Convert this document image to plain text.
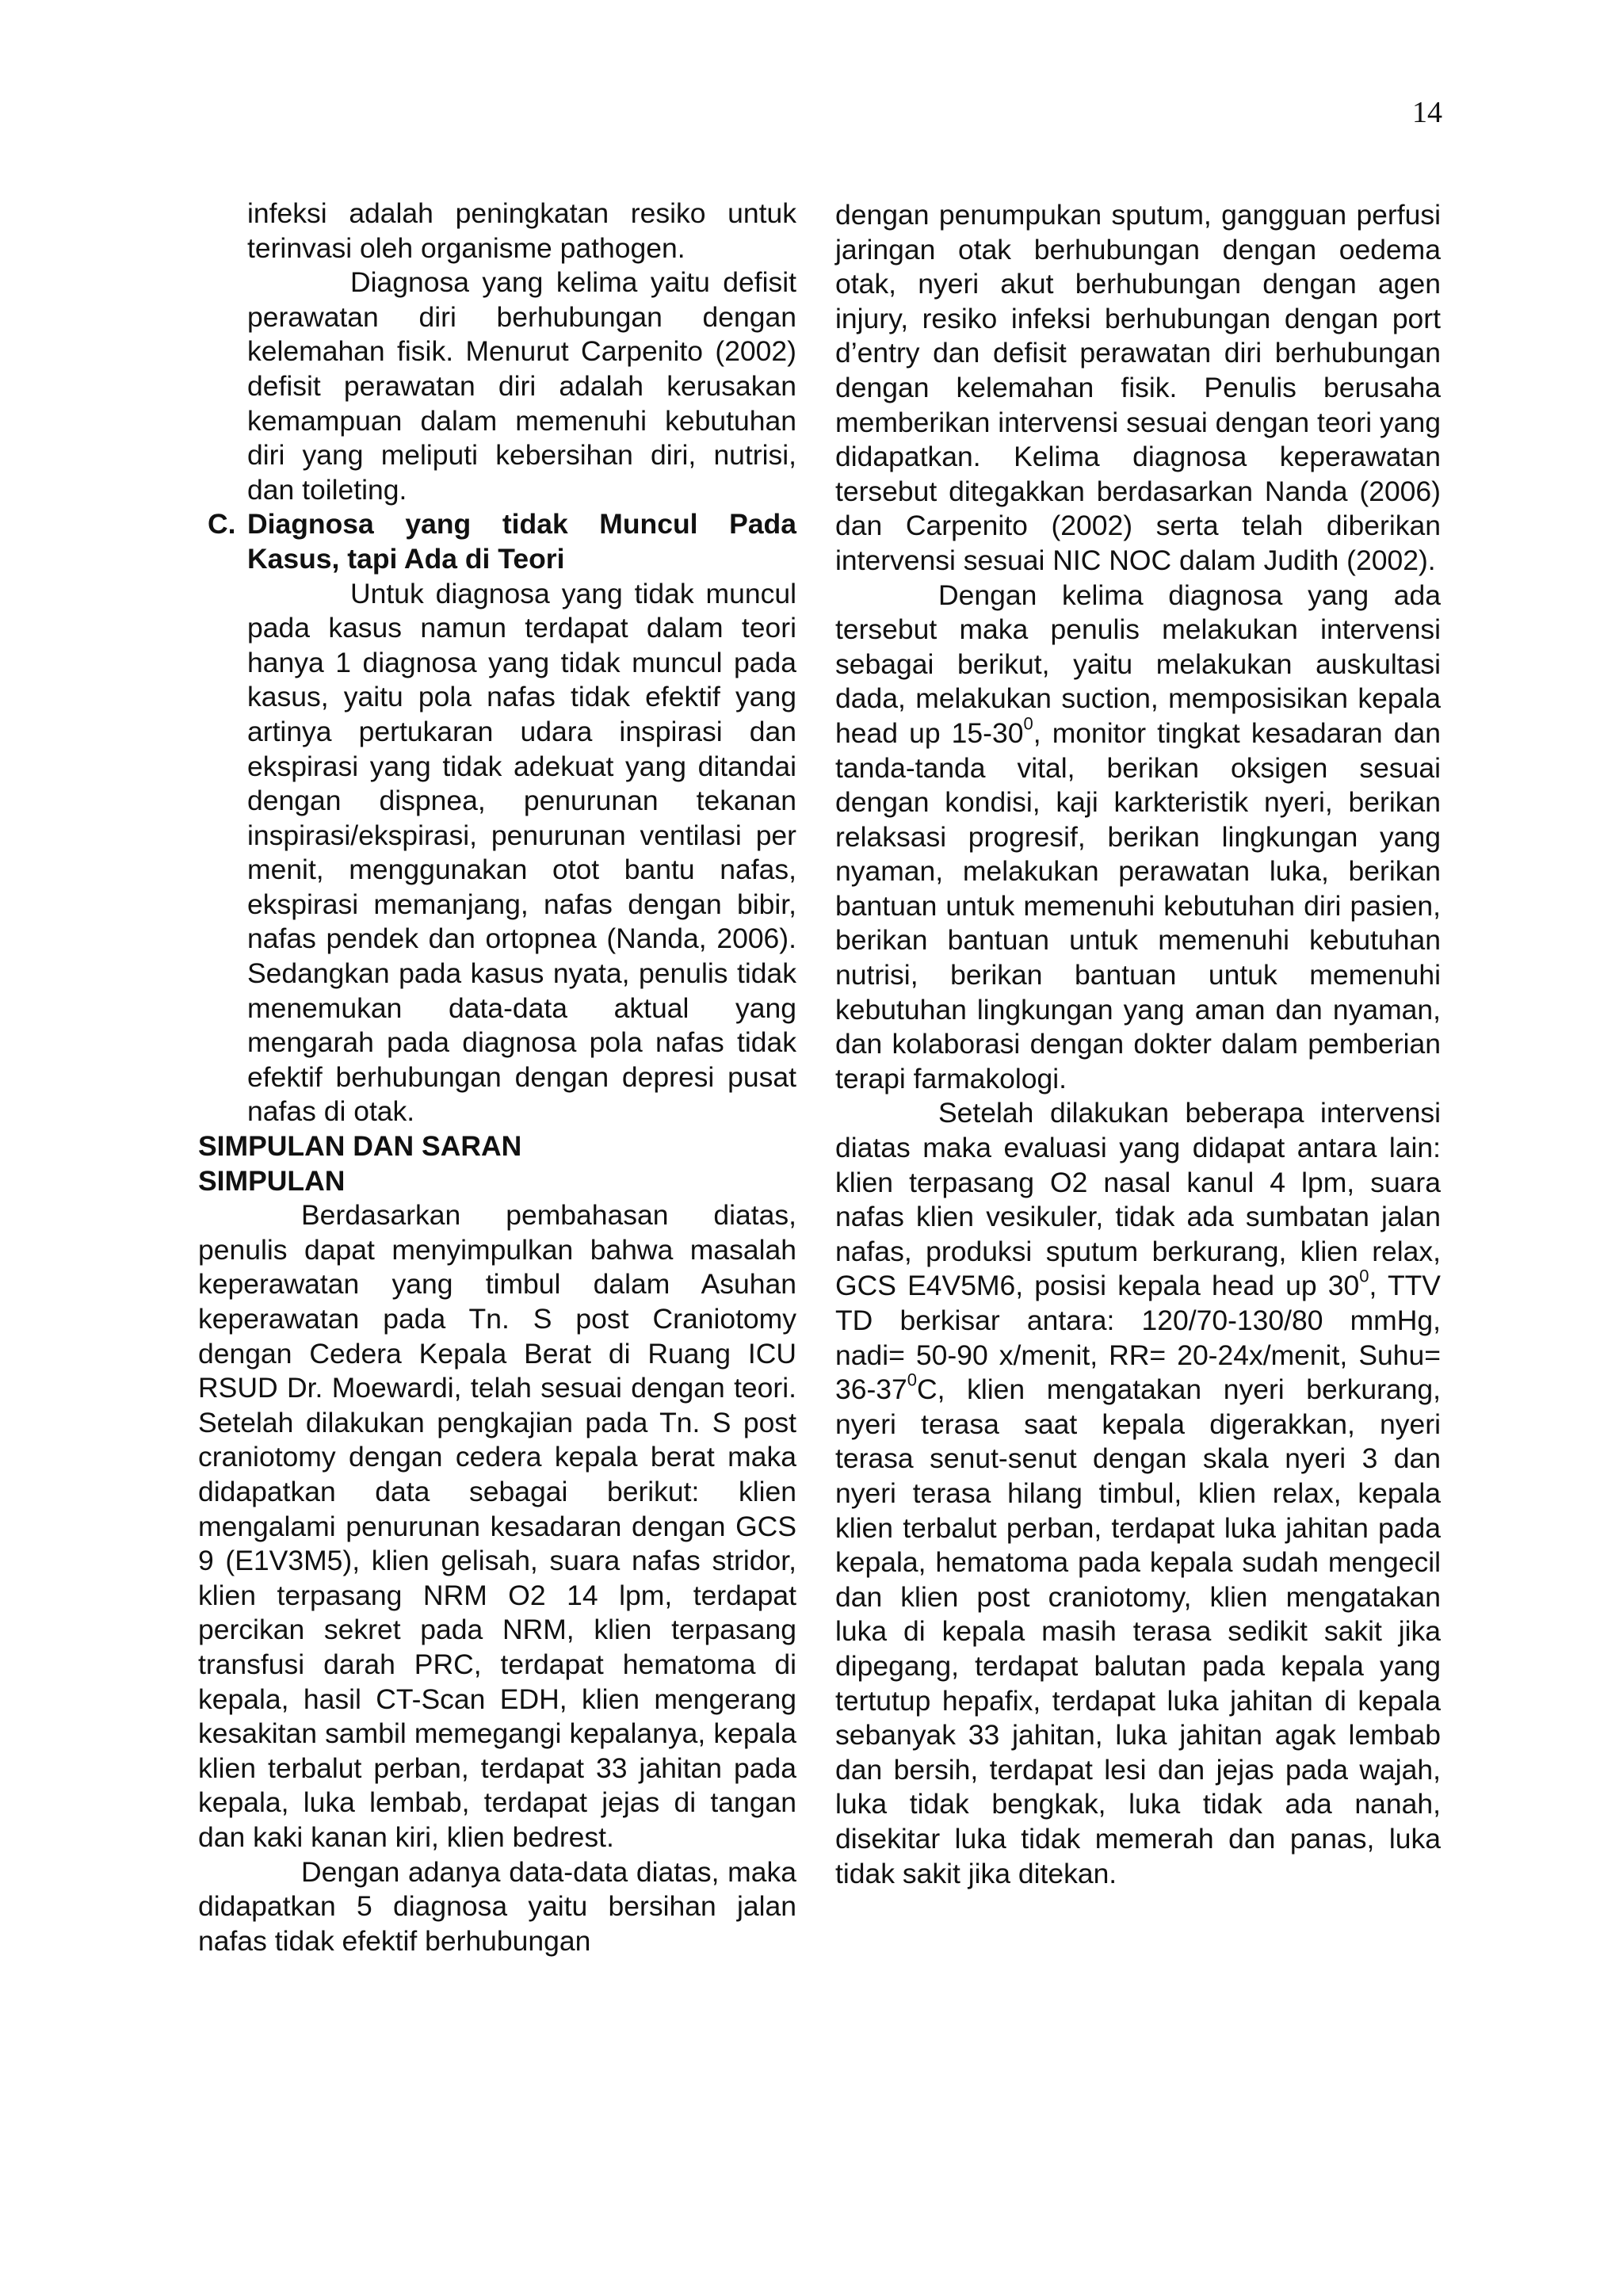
14

infeksi adalah peningkatan resiko untuk terinvasi oleh organisme pathogen.

Diagnosa yang kelima yaitu defisit perawatan diri berhubungan dengan kelemahan fisik. Menurut Carpenito (2002) defisit perawatan diri adalah kerusakan kemampuan dalam memenuhi kebutuhan diri yang meliputi kebersihan diri, nutrisi, dan toileting.

C. Diagnosa yang tidak Muncul Pada Kasus, tapi Ada di Teori

Untuk diagnosa yang tidak muncul pada kasus namun terdapat dalam teori hanya 1 diagnosa yang tidak muncul pada kasus, yaitu pola nafas tidak efektif yang artinya pertukaran udara inspirasi dan ekspirasi yang tidak adekuat yang ditandai dengan dispnea, penurunan tekanan inspirasi/ekspirasi, penurunan ventilasi per menit, menggunakan otot bantu nafas, ekspirasi memanjang, nafas dengan bibir, nafas pendek dan ortopnea (Nanda, 2006). Sedangkan pada kasus nyata, penulis tidak menemukan data-data aktual yang mengarah pada diagnosa pola nafas tidak efektif berhubungan dengan depresi pusat nafas di otak.

SIMPULAN DAN SARAN
SIMPULAN

Berdasarkan pembahasan diatas, penulis dapat menyimpulkan bahwa masalah keperawatan yang timbul dalam Asuhan keperawatan pada Tn. S post Craniotomy dengan Cedera Kepala Berat di Ruang ICU RSUD Dr. Moewardi, telah sesuai dengan teori. Setelah dilakukan pengkajian pada Tn. S post craniotomy dengan cedera kepala berat maka didapatkan data sebagai berikut: klien mengalami penurunan kesadaran dengan GCS 9 (E1V3M5), klien gelisah, suara nafas stridor, klien terpasang NRM O2 14 lpm, terdapat percikan sekret pada NRM, klien terpasang transfusi darah PRC, terdapat hematoma di kepala, hasil CT-Scan EDH, klien mengerang kesakitan sambil memegangi kepalanya, kepala klien terbalut perban, terdapat 33 jahitan pada kepala, luka lembab, terdapat jejas di tangan dan kaki kanan kiri, klien bedrest.

Dengan adanya data-data diatas, maka didapatkan 5 diagnosa yaitu bersihan jalan nafas tidak efektif berhubungan

dengan penumpukan sputum, gangguan perfusi jaringan otak berhubungan dengan oedema otak, nyeri akut berhubungan dengan agen injury, resiko infeksi berhubungan dengan port d’entry dan defisit perawatan diri berhubungan dengan kelemahan fisik. Penulis berusaha memberikan intervensi sesuai dengan teori yang didapatkan. Kelima diagnosa keperawatan tersebut ditegakkan berdasarkan Nanda (2006) dan Carpenito (2002) serta telah diberikan intervensi sesuai NIC NOC dalam Judith (2002).

Dengan kelima diagnosa yang ada tersebut maka penulis melakukan intervensi sebagai berikut, yaitu melakukan auskultasi dada, melakukan suction, memposisikan kepala head up $15-30^0$, monitor tingkat kesadaran dan tanda-tanda vital, berikan oksigen sesuai dengan kondisi, kaji karkteristik nyeri, berikan relaksasi progresif, berikan lingkungan yang nyaman, melakukan perawatan luka, berikan bantuan untuk memenuhi kebutuhan diri pasien, berikan bantuan untuk memenuhi kebutuhan nutrisi, berikan bantuan untuk memenuhi kebutuhan lingkungan yang aman dan nyaman, dan kolaborasi dengan dokter dalam pemberian terapi farmakologi.

Setelah dilakukan beberapa intervensi diatas maka evaluasi yang didapat antara lain: klien terpasang O2 nasal kanul 4 lpm, suara nafas klien vesikuler, tidak ada sumbatan jalan nafas, produksi sputum berkurang, klien relax, GCS E4V5M6, posisi kepala head up $30^0$, TTV TD berkisar antara: 120/70-130/80 mmHg, nadi= 50-90 x/menit, RR= 20-24x/menit, Suhu= $36-37^0C$, klien mengatakan nyeri berkurang, nyeri terasa saat kepala digerakkan, nyeri terasa senut-senut dengan skala nyeri 3 dan nyeri terasa hilang timbul, klien relax, kepala klien terbalut perban, terdapat luka jahitan pada kepala, hematoma pada kepala sudah mengecil dan klien post craniotomy, klien mengatakan luka di kepala masih terasa sedikit sakit jika dipegang, terdapat balutan pada kepala yang tertutup hepafix, terdapat luka jahitan di kepala sebanyak 33 jahitan, luka jahitan agak lembab dan bersih, terdapat lesi dan jejas pada wajah, luka tidak bengkak, luka tidak ada nanah, disekitar luka tidak memerah dan panas, luka tidak sakit jika ditekan.
